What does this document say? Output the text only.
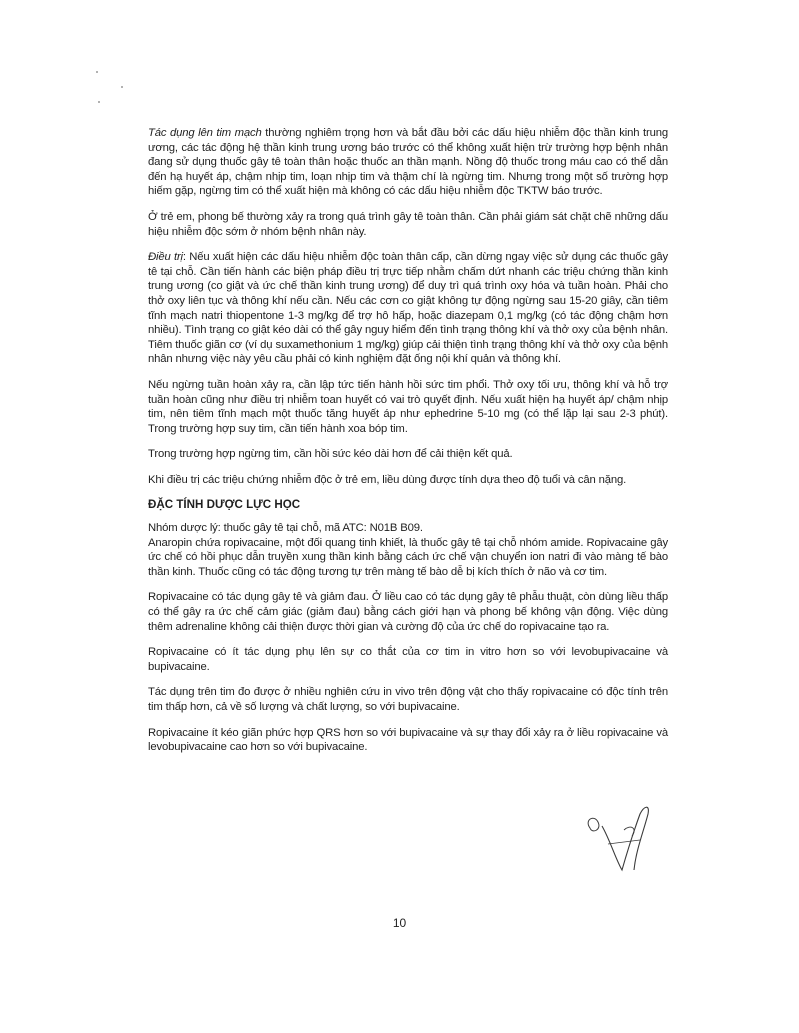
Tác dụng lên tim mạch thường nghiêm trọng hơn và bắt đầu bởi các dấu hiệu nhiễm độc thần kinh trung ương, các tác động hệ thần kinh trung ương báo trước có thể không xuất hiện trừ trường hợp bệnh nhân đang sử dụng thuốc gây tê toàn thân hoặc thuốc an thần mạnh. Nồng độ thuốc trong máu cao có thể dẫn đến hạ huyết áp, chậm nhịp tim, loạn nhịp tim và thậm chí là ngừng tim. Nhưng trong một số trường hợp hiếm gặp, ngừng tim có thể xuất hiện mà không có các dấu hiệu nhiễm độc TKTW báo trước.

Ở trẻ em, phong bế thường xảy ra trong quá trình gây tê toàn thân. Cần phải giám sát chặt chẽ những dấu hiệu nhiễm độc sớm ở nhóm bệnh nhân này.

Điều trị: Nếu xuất hiện các dấu hiệu nhiễm độc toàn thân cấp, cần dừng ngay việc sử dụng các thuốc gây tê tại chỗ. Cần tiến hành các biện pháp điều trị trực tiếp nhằm chấm dứt nhanh các triệu chứng thần kinh trung ương (co giật và ức chế thần kinh trung ương) để duy trì quá trình oxy hóa và tuần hoàn. Phải cho thở oxy liên tục và thông khí nếu cần. Nếu các cơn co giật không tự động ngừng sau 15-20 giây, cần tiêm tĩnh mạch natri thiopentone 1-3 mg/kg để trợ hô hấp, hoặc diazepam 0,1 mg/kg (có tác động chậm hơn nhiều). Tình trạng co giật kéo dài có thể gây nguy hiểm đến tình trạng thông khí và thở oxy của bệnh nhân. Tiêm thuốc giãn cơ (ví dụ suxamethonium 1 mg/kg) giúp cải thiện tình trạng thông khí và thở oxy của bệnh nhân nhưng việc này yêu cầu phải có kinh nghiệm đặt ống nội khí quản và thông khí.

Nếu ngừng tuần hoàn xảy ra, cần lập tức tiến hành hồi sức tim phổi. Thở oxy tối ưu, thông khí và hỗ trợ tuần hoàn cũng như điều trị nhiễm toan huyết có vai trò quyết định. Nếu xuất hiện hạ huyết áp/ chậm nhịp tim, nên tiêm tĩnh mạch một thuốc tăng huyết áp như ephedrine 5-10 mg (có thể lặp lại sau 2-3 phút). Trong trường hợp suy tim, cần tiến hành xoa bóp tim.

Trong trường hợp ngừng tim, cần hồi sức kéo dài hơn để cải thiện kết quả.

Khi điều trị các triệu chứng nhiễm độc ở trẻ em, liều dùng được tính dựa theo độ tuổi và cân nặng.

ĐẶC TÍNH DƯỢC LỰC HỌC

Nhóm dược lý: thuốc gây tê tại chỗ, mã ATC: N01B B09.

Anaropin chứa ropivacaine, một đối quang tinh khiết, là thuốc gây tê tại chỗ nhóm amide. Ropivacaine gây ức chế có hồi phục dẫn truyền xung thần kinh bằng cách ức chế vận chuyển ion natri đi vào màng tế bào thần kinh. Thuốc cũng có tác động tương tự trên màng tế bào dễ bị kích thích ở não và cơ tim.

Ropivacaine có tác dụng gây tê và giảm đau. Ở liều cao có tác dụng gây tê phẫu thuật, còn dùng liều thấp có thể gây ra ức chế cảm giác (giảm đau) bằng cách giới hạn và phong bế không vận động. Việc dùng thêm adrenaline không cải thiện được thời gian và cường độ của ức chế do ropivacaine tạo ra.

Ropivacaine có ít tác dụng phụ lên sự co thắt của cơ tim in vitro hơn so với levobupivacaine và bupivacaine.

Tác dụng trên tim đo được ở nhiều nghiên cứu in vivo trên động vật cho thấy ropivacaine có độc tính trên tim thấp hơn, cả về số lượng và chất lượng, so với bupivacaine.

Ropivacaine ít kéo giãn phức hợp QRS hơn so với bupivacaine và sự thay đổi xảy ra ở liều ropivacaine và levobupivacaine cao hơn so với bupivacaine.

10
